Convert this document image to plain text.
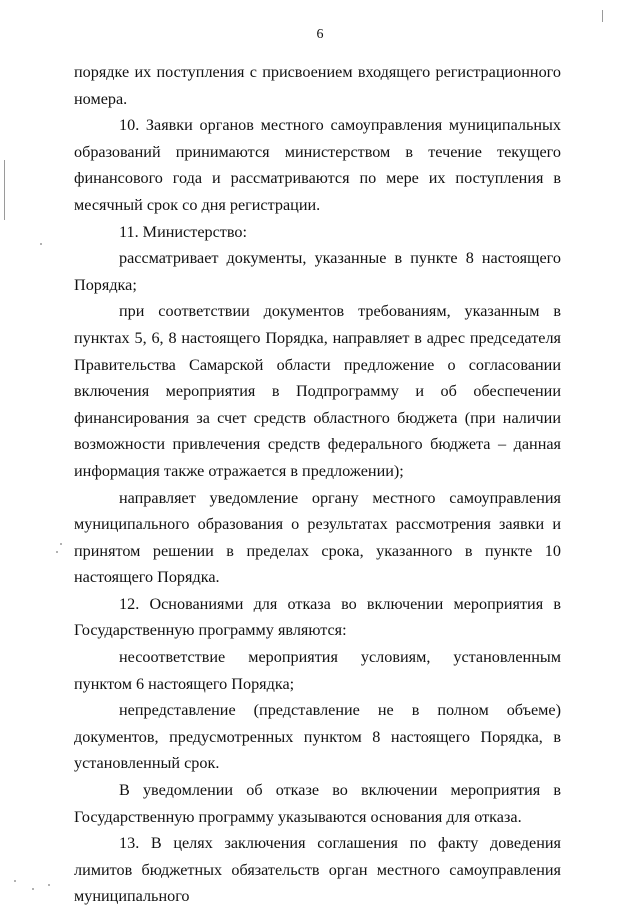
6

порядке их поступления с присвоением входящего регистрационного номера.

10. Заявки органов местного самоуправления муниципальных образований принимаются министерством в течение текущего финансового года и рассматриваются по мере их поступления в месячный срок со дня регистрации.

11. Министерство:

рассматривает документы, указанные в пункте 8 настоящего Порядка;

при соответствии документов требованиям, указанным в пунктах 5, 6, 8 настоящего Порядка, направляет в адрес председателя Правительства Самарской области предложение о согласовании включения мероприятия в Подпрограмму и об обеспечении финансирования за счет средств областного бюджета (при наличии возможности привлечения средств федерального бюджета – данная информация также отражается в предложении);

направляет уведомление органу местного самоуправления муниципального образования о результатах рассмотрения заявки и принятом решении в пределах срока, указанного в пункте 10 настоящего Порядка.

12. Основаниями для отказа во включении мероприятия в Государственную программу являются:

несоответствие мероприятия условиям, установленным пунктом 6 настоящего Порядка;

непредставление (представление не в полном объеме) документов, предусмотренных пунктом 8 настоящего Порядка, в установленный срок.

В уведомлении об отказе во включении мероприятия в Государственную программу указываются основания для отказа.

13. В целях заключения соглашения по факту доведения лимитов бюджетных обязательств орган местного самоуправления муниципального
